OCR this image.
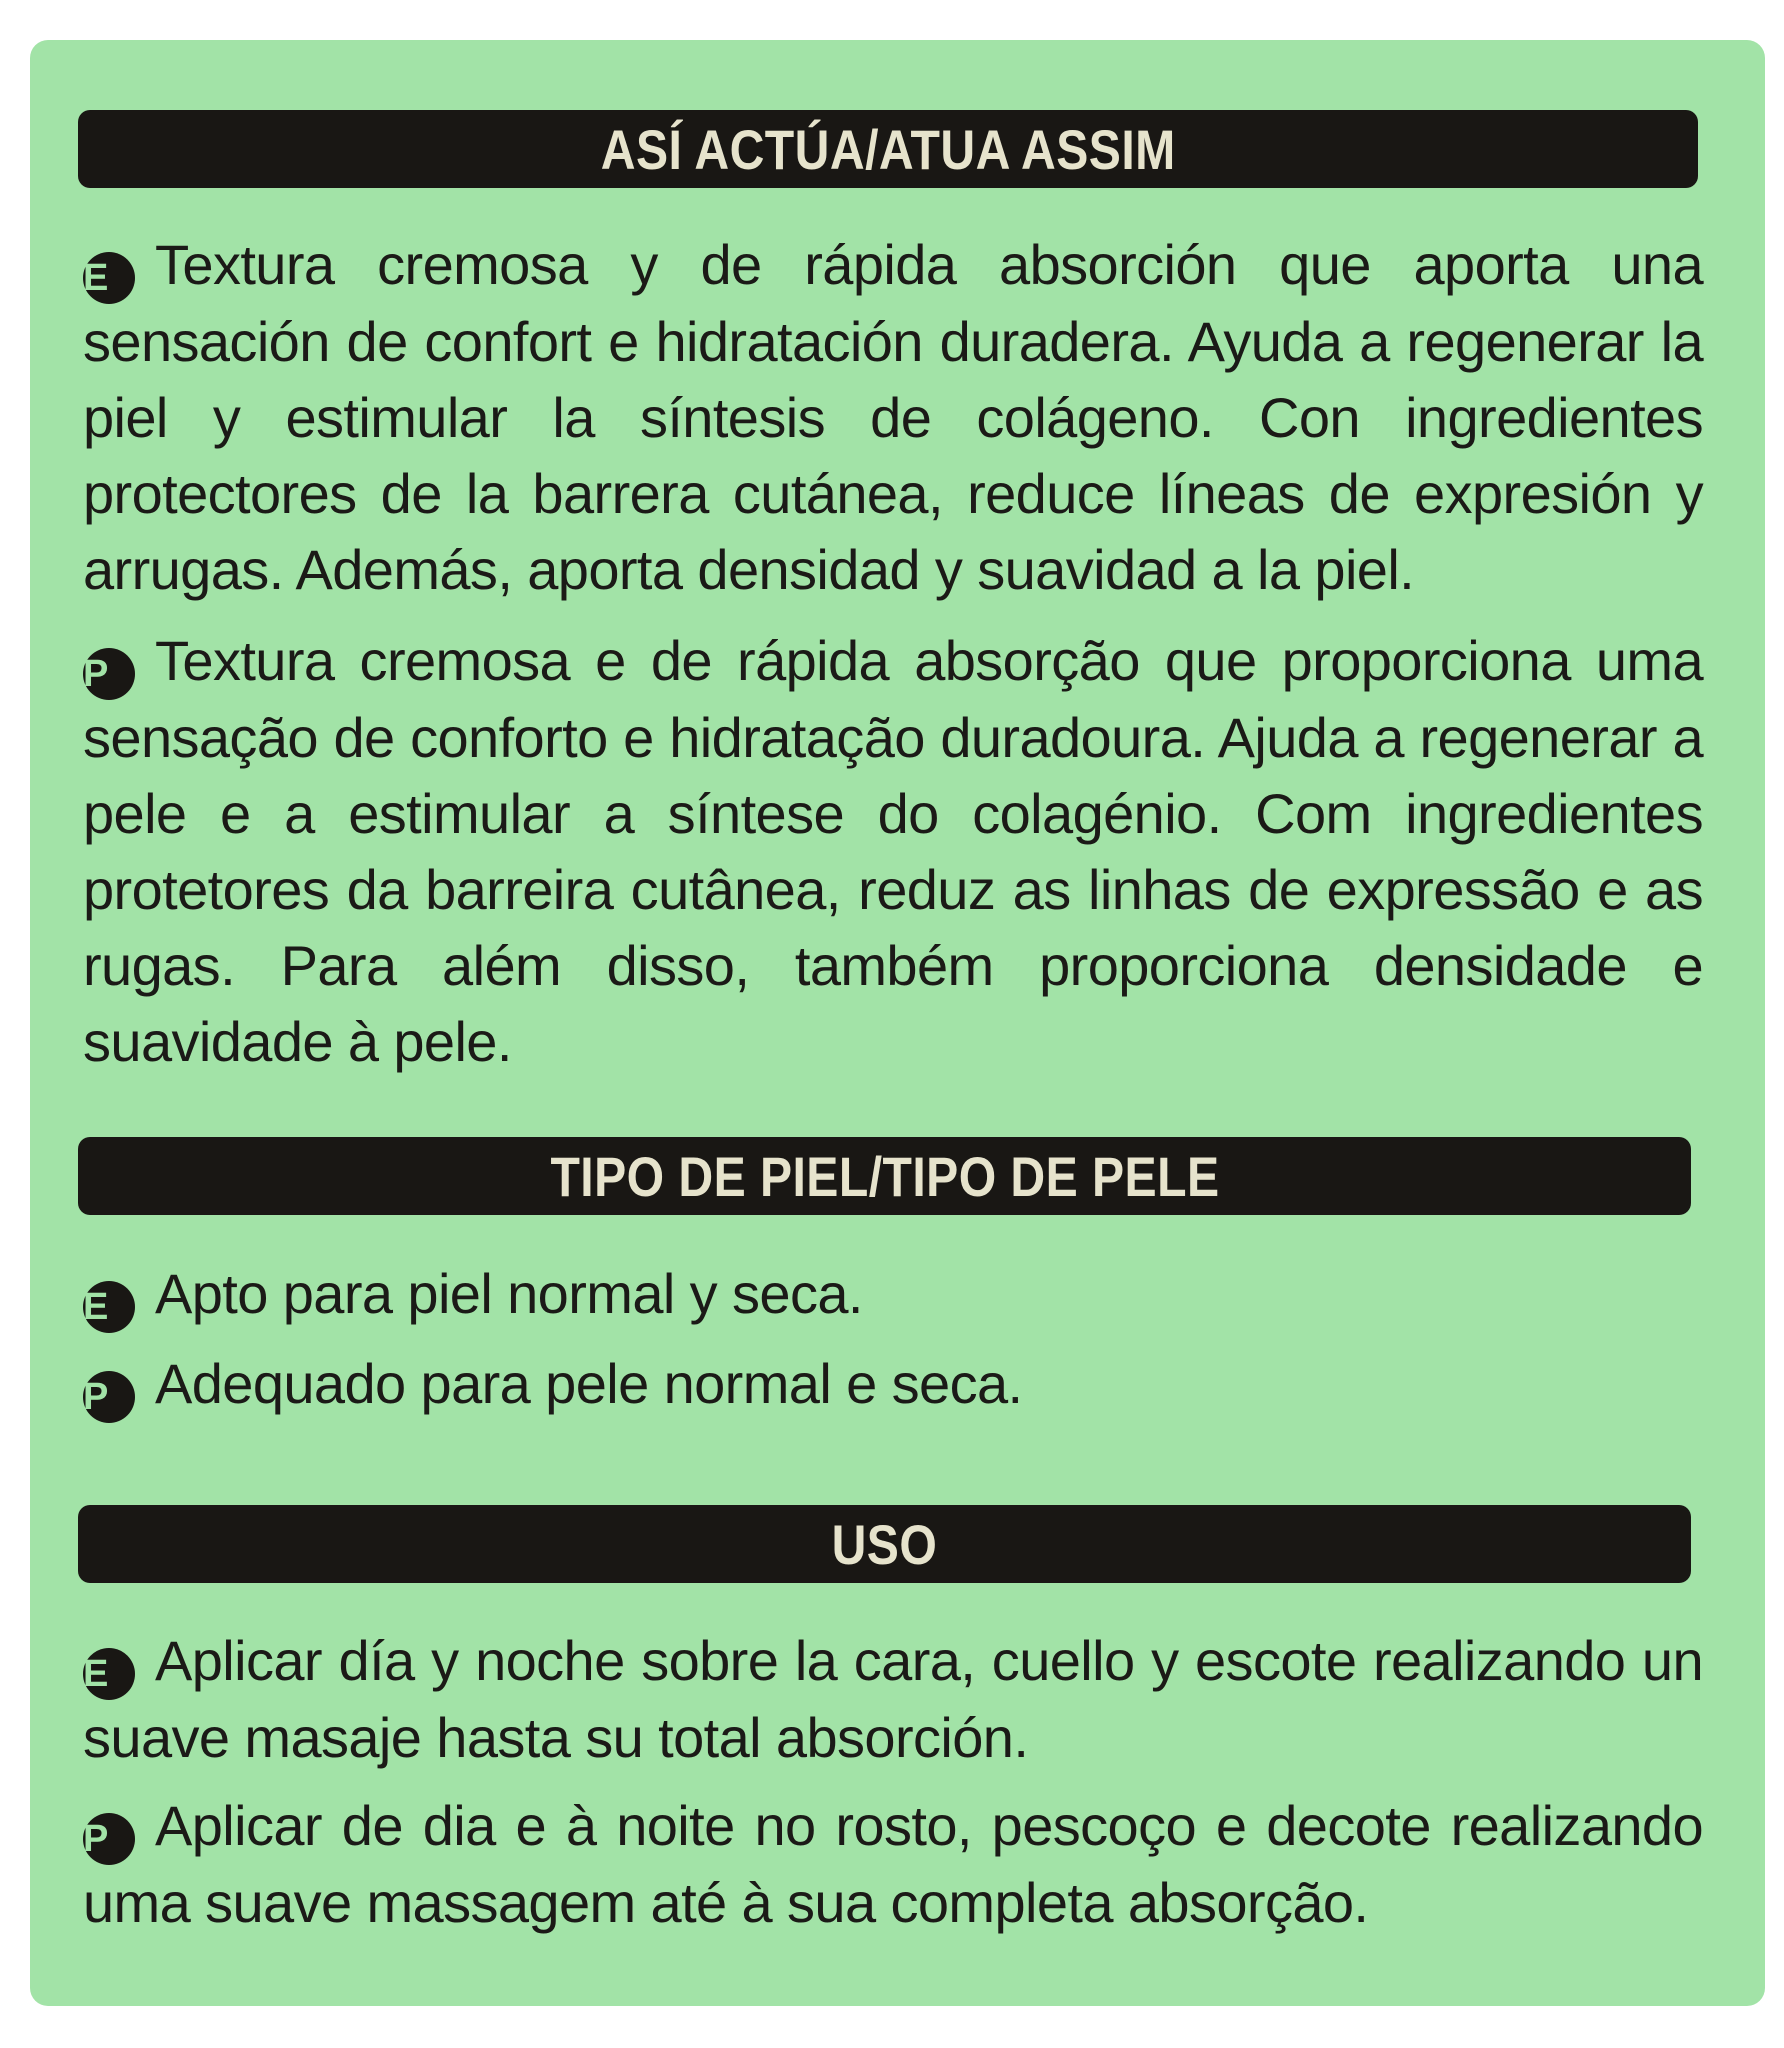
ASÍ ACTÚA/ATUA ASSIM
E Textura cremosa y de rápida absorción que aporta una sensación de confort e hidratación duradera. Ayuda a regenerar la piel y estimular la síntesis de colágeno. Con ingredientes protectores de la barrera cutánea, reduce líneas de expresión y arrugas. Además, aporta densidad y suavidad a la piel.
P Textura cremosa e de rápida absorção que proporciona uma sensação de conforto e hidratação duradoura. Ajuda a regenerar a pele e a estimular a síntese do colagénio. Com ingredientes protetores da barreira cutânea, reduz as linhas de expressão e as rugas. Para além disso, também proporciona densidade e suavidade à pele.
TIPO DE PIEL/TIPO DE PELE
E Apto para piel normal y seca.
P Adequado para pele normal e seca.
USO
E Aplicar día y noche sobre la cara, cuello y escote realizando un suave masaje hasta su total absorción.
P Aplicar de dia e à noite no rosto, pescoço e decote realizando uma suave massagem até à sua completa absorção.
